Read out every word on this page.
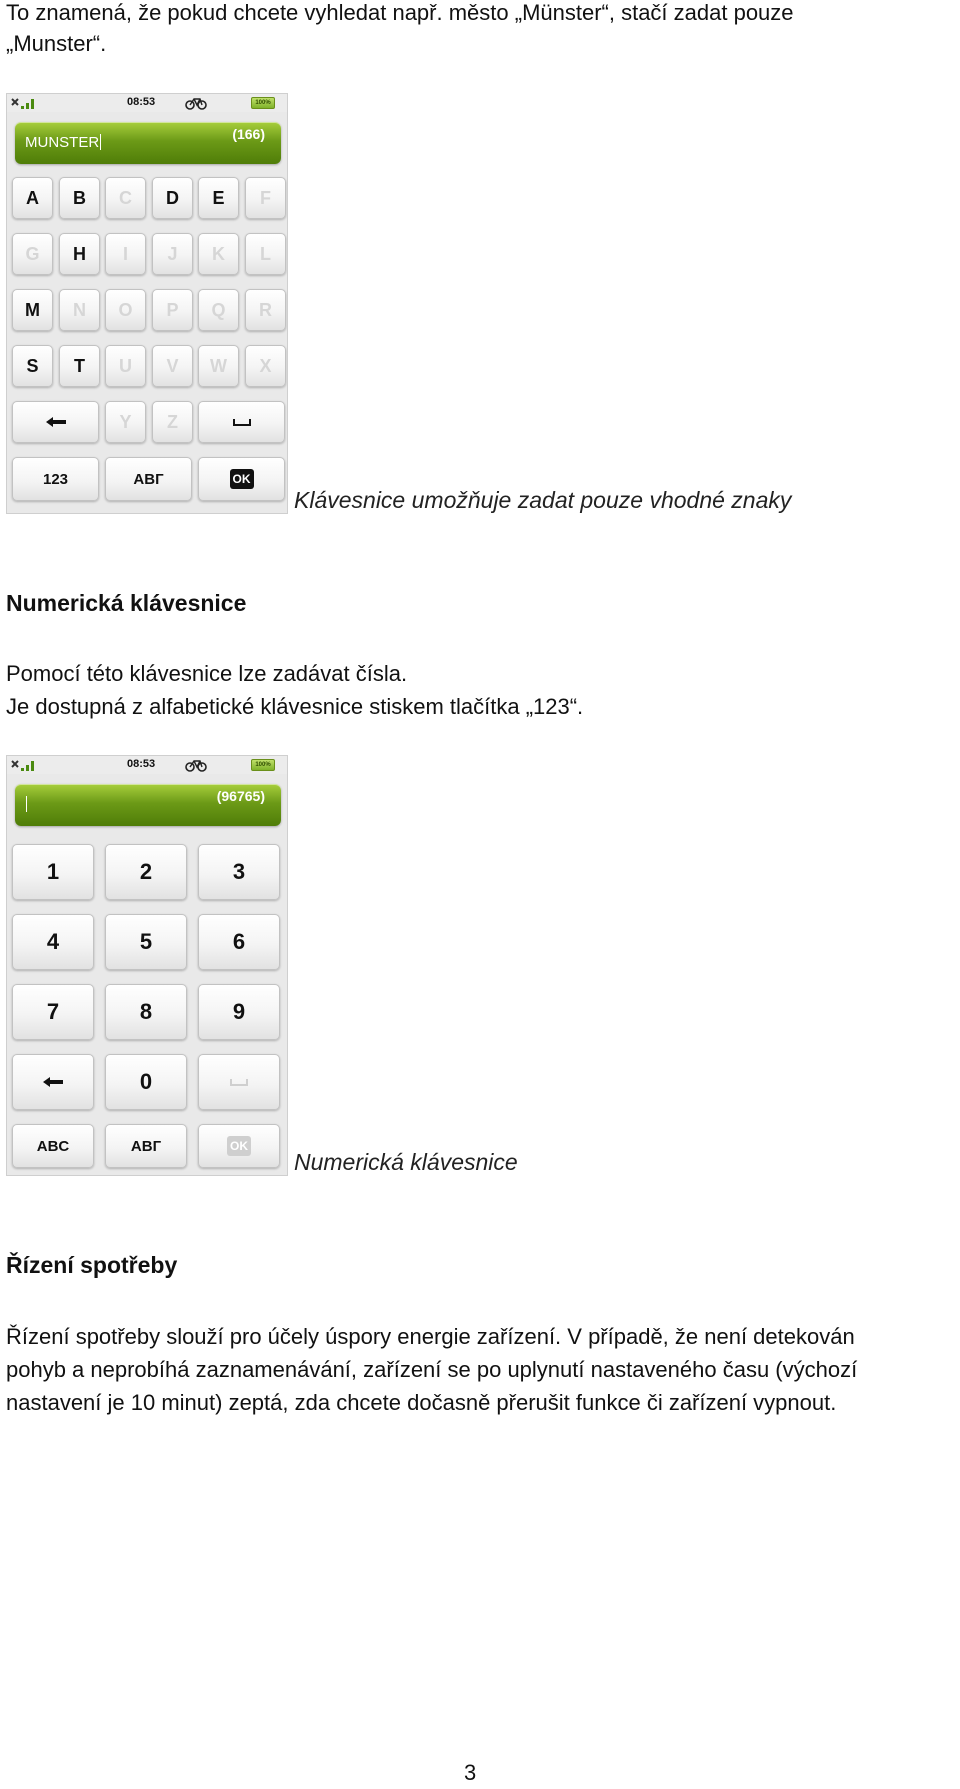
To znamená, že pokud chcete vyhledat např. město „Münster“, stačí zadat pouze
„Munster“.
08:53	100%
MUNSTER	(166)
A B C D E F
G H I J K L
M N O P Q R
S T U V W X
Y Z
123	АВГ	OK
Klávesnice umožňuje zadat pouze vhodné znaky
Numerická klávesnice
Pomocí této klávesnice lze zadávat čísla.
Je dostupná z alfabetické klávesnice stiskem tlačítka „123“.
08:53	100%
(96765)
1	2	3
4	5	6
7	8	9
0
ABC	АВГ	OK
Numerická klávesnice
Řízení spotřeby
Řízení spotřeby slouží pro účely úspory energie zařízení. V případě, že není detekován
pohyb a neprobíhá zaznamenávání, zařízení se po uplynutí nastaveného času (výchozí
nastavení je 10 minut) zeptá, zda chcete dočasně přerušit funkce či zařízení vypnout.
3
